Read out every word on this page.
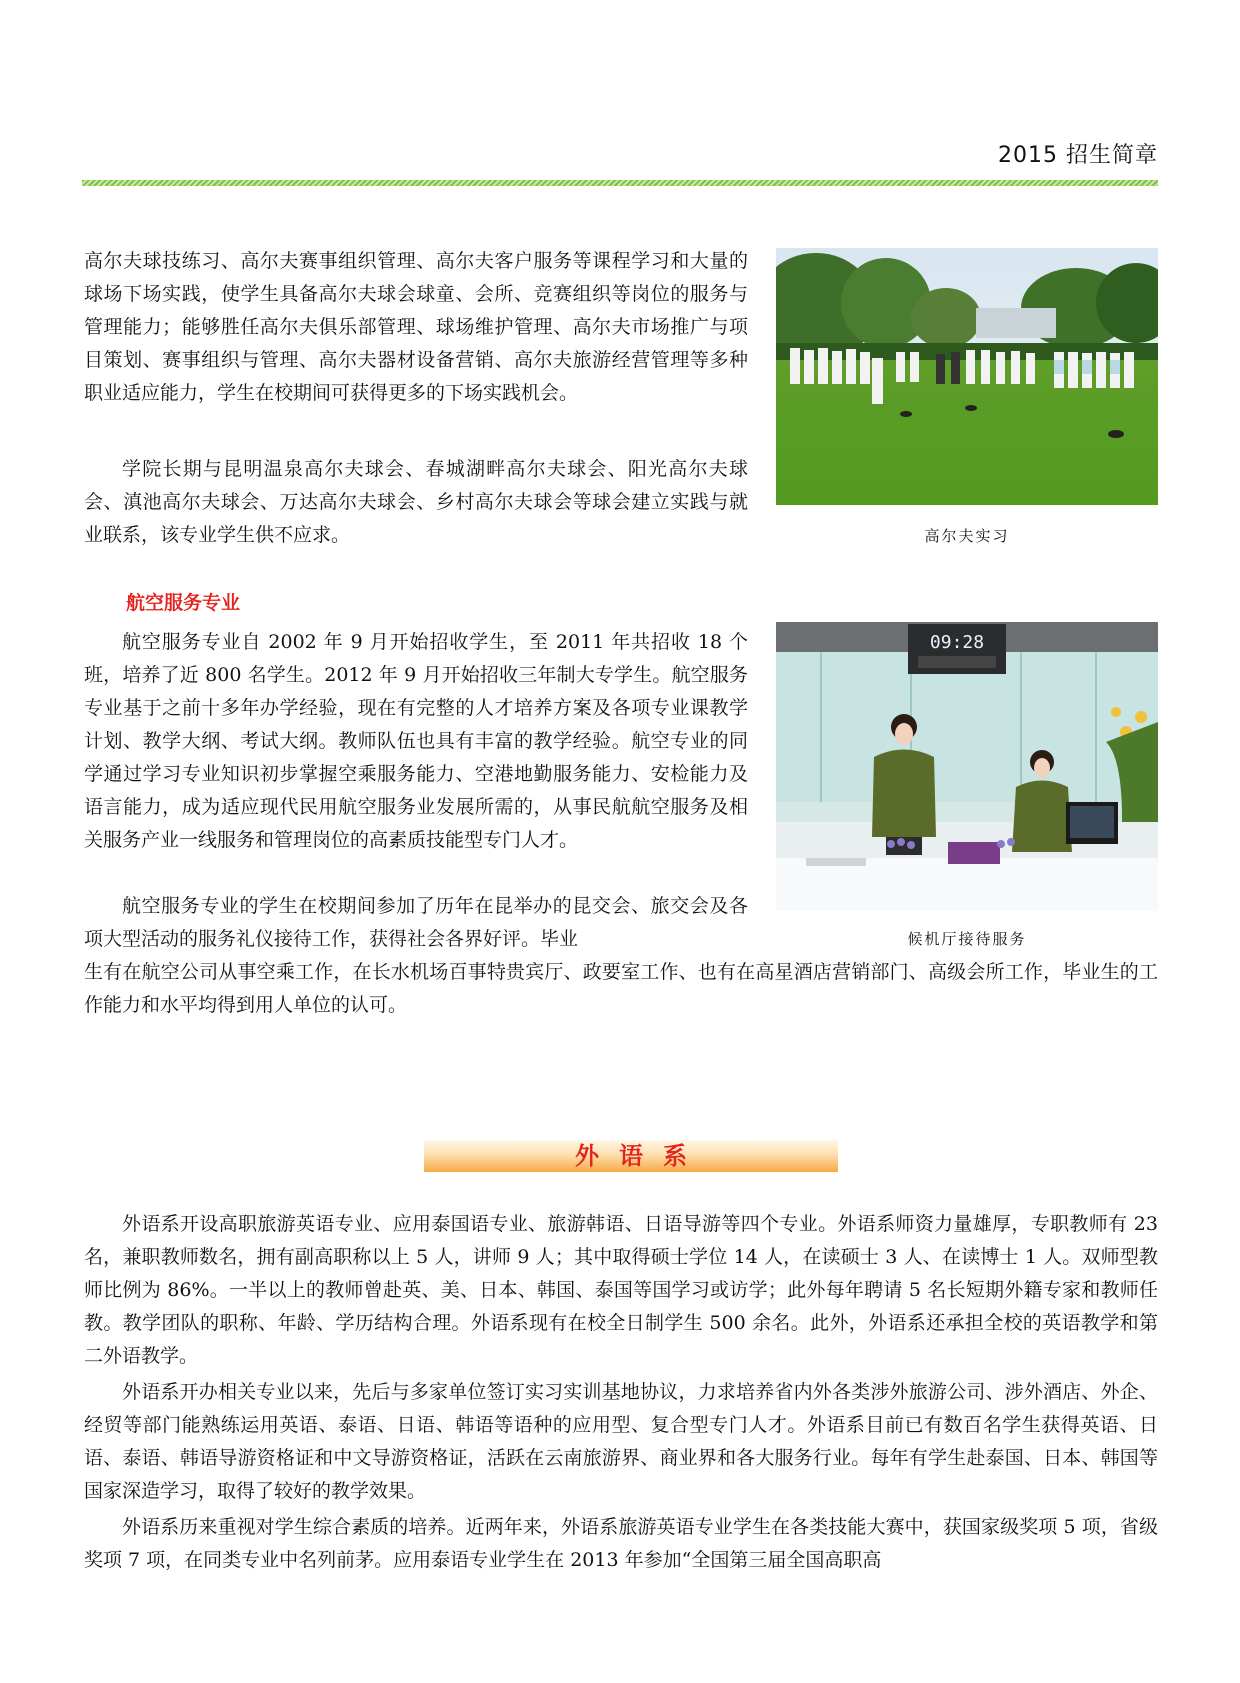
2015 招生简章

高尔夫球技练习、高尔夫赛事组织管理、高尔夫客户服务等课程学习和大量的球场下场实践，使学生具备高尔夫球会球童、会所、竞赛组织等岗位的服务与管理能力；能够胜任高尔夫俱乐部管理、球场维护管理、高尔夫市场推广与项目策划、赛事组织与管理、高尔夫器材设备营销、高尔夫旅游经营管理等多种职业适应能力，学生在校期间可获得更多的下场实践机会。

学院长期与昆明温泉高尔夫球会、春城湖畔高尔夫球会、阳光高尔夫球会、滇池高尔夫球会、万达高尔夫球会、乡村高尔夫球会等球会建立实践与就业联系，该专业学生供不应求。	高尔夫实习
航空服务专业

航空服务专业自 2002 年 9 月开始招收学生，至 2011 年共招收 18 个班，培养了近 800 名学生。2012 年 9 月开始招收三年制大专学生。航空服务专业基于之前十多年办学经验，现在有完整的人才培养方案及各项专业课教学计划、教学大纲、考试大纲。教师队伍也具有丰富的教学经验。航空专业的同学通过学习专业知识初步掌握空乘服务能力、空港地勤服务能力、安检能力及语言能力，成为适应现代民用航空服务业发展所需的，从事民航航空服务及相关服务产业一线服务和管理岗位的高素质技能型专门人才。

航空服务专业的学生在校期间参加了历年在昆举办的昆交会、旅交会及各项大型活动的服务礼仪接待工作，获得社会各界好评。毕业

生有在航空公司从事空乘工作，在长水机场百事特贵宾厅、政要室工作、也有在高星酒店营销部门、高级会所工作，毕业生的工作能力和水平均得到用人单位的认可。

09:28
候机厅接待服务
外语系

外语系开设高职旅游英语专业、应用泰国语专业、旅游韩语、日语导游等四个专业。外语系师资力量雄厚，专职教师有 23 名，兼职教师数名，拥有副高职称以上 5 人，讲师 9 人；其中取得硕士学位 14 人，在读硕士 3 人、在读博士 1 人。双师型教师比例为 86%。一半以上的教师曾赴英、美、日本、韩国、泰国等国学习或访学；此外每年聘请 5 名长短期外籍专家和教师任教。教学团队的职称、年龄、学历结构合理。外语系现有在校全日制学生 500 余名。此外，外语系还承担全校的英语教学和第二外语教学。

外语系开办相关专业以来，先后与多家单位签订实习实训基地协议，力求培养省内外各类涉外旅游公司、涉外酒店、外企、经贸等部门能熟练运用英语、泰语、日语、韩语等语种的应用型、复合型专门人才。外语系目前已有数百名学生获得英语、日语、泰语、韩语导游资格证和中文导游资格证，活跃在云南旅游界、商业界和各大服务行业。每年有学生赴泰国、日本、韩国等国家深造学习，取得了较好的教学效果。

外语系历来重视对学生综合素质的培养。近两年来，外语系旅游英语专业学生在各类技能大赛中，获国家级奖项 5 项，省级奖项 7 项，在同类专业中名列前茅。应用泰语专业学生在 2013 年参加“全国第三届全国高职高
